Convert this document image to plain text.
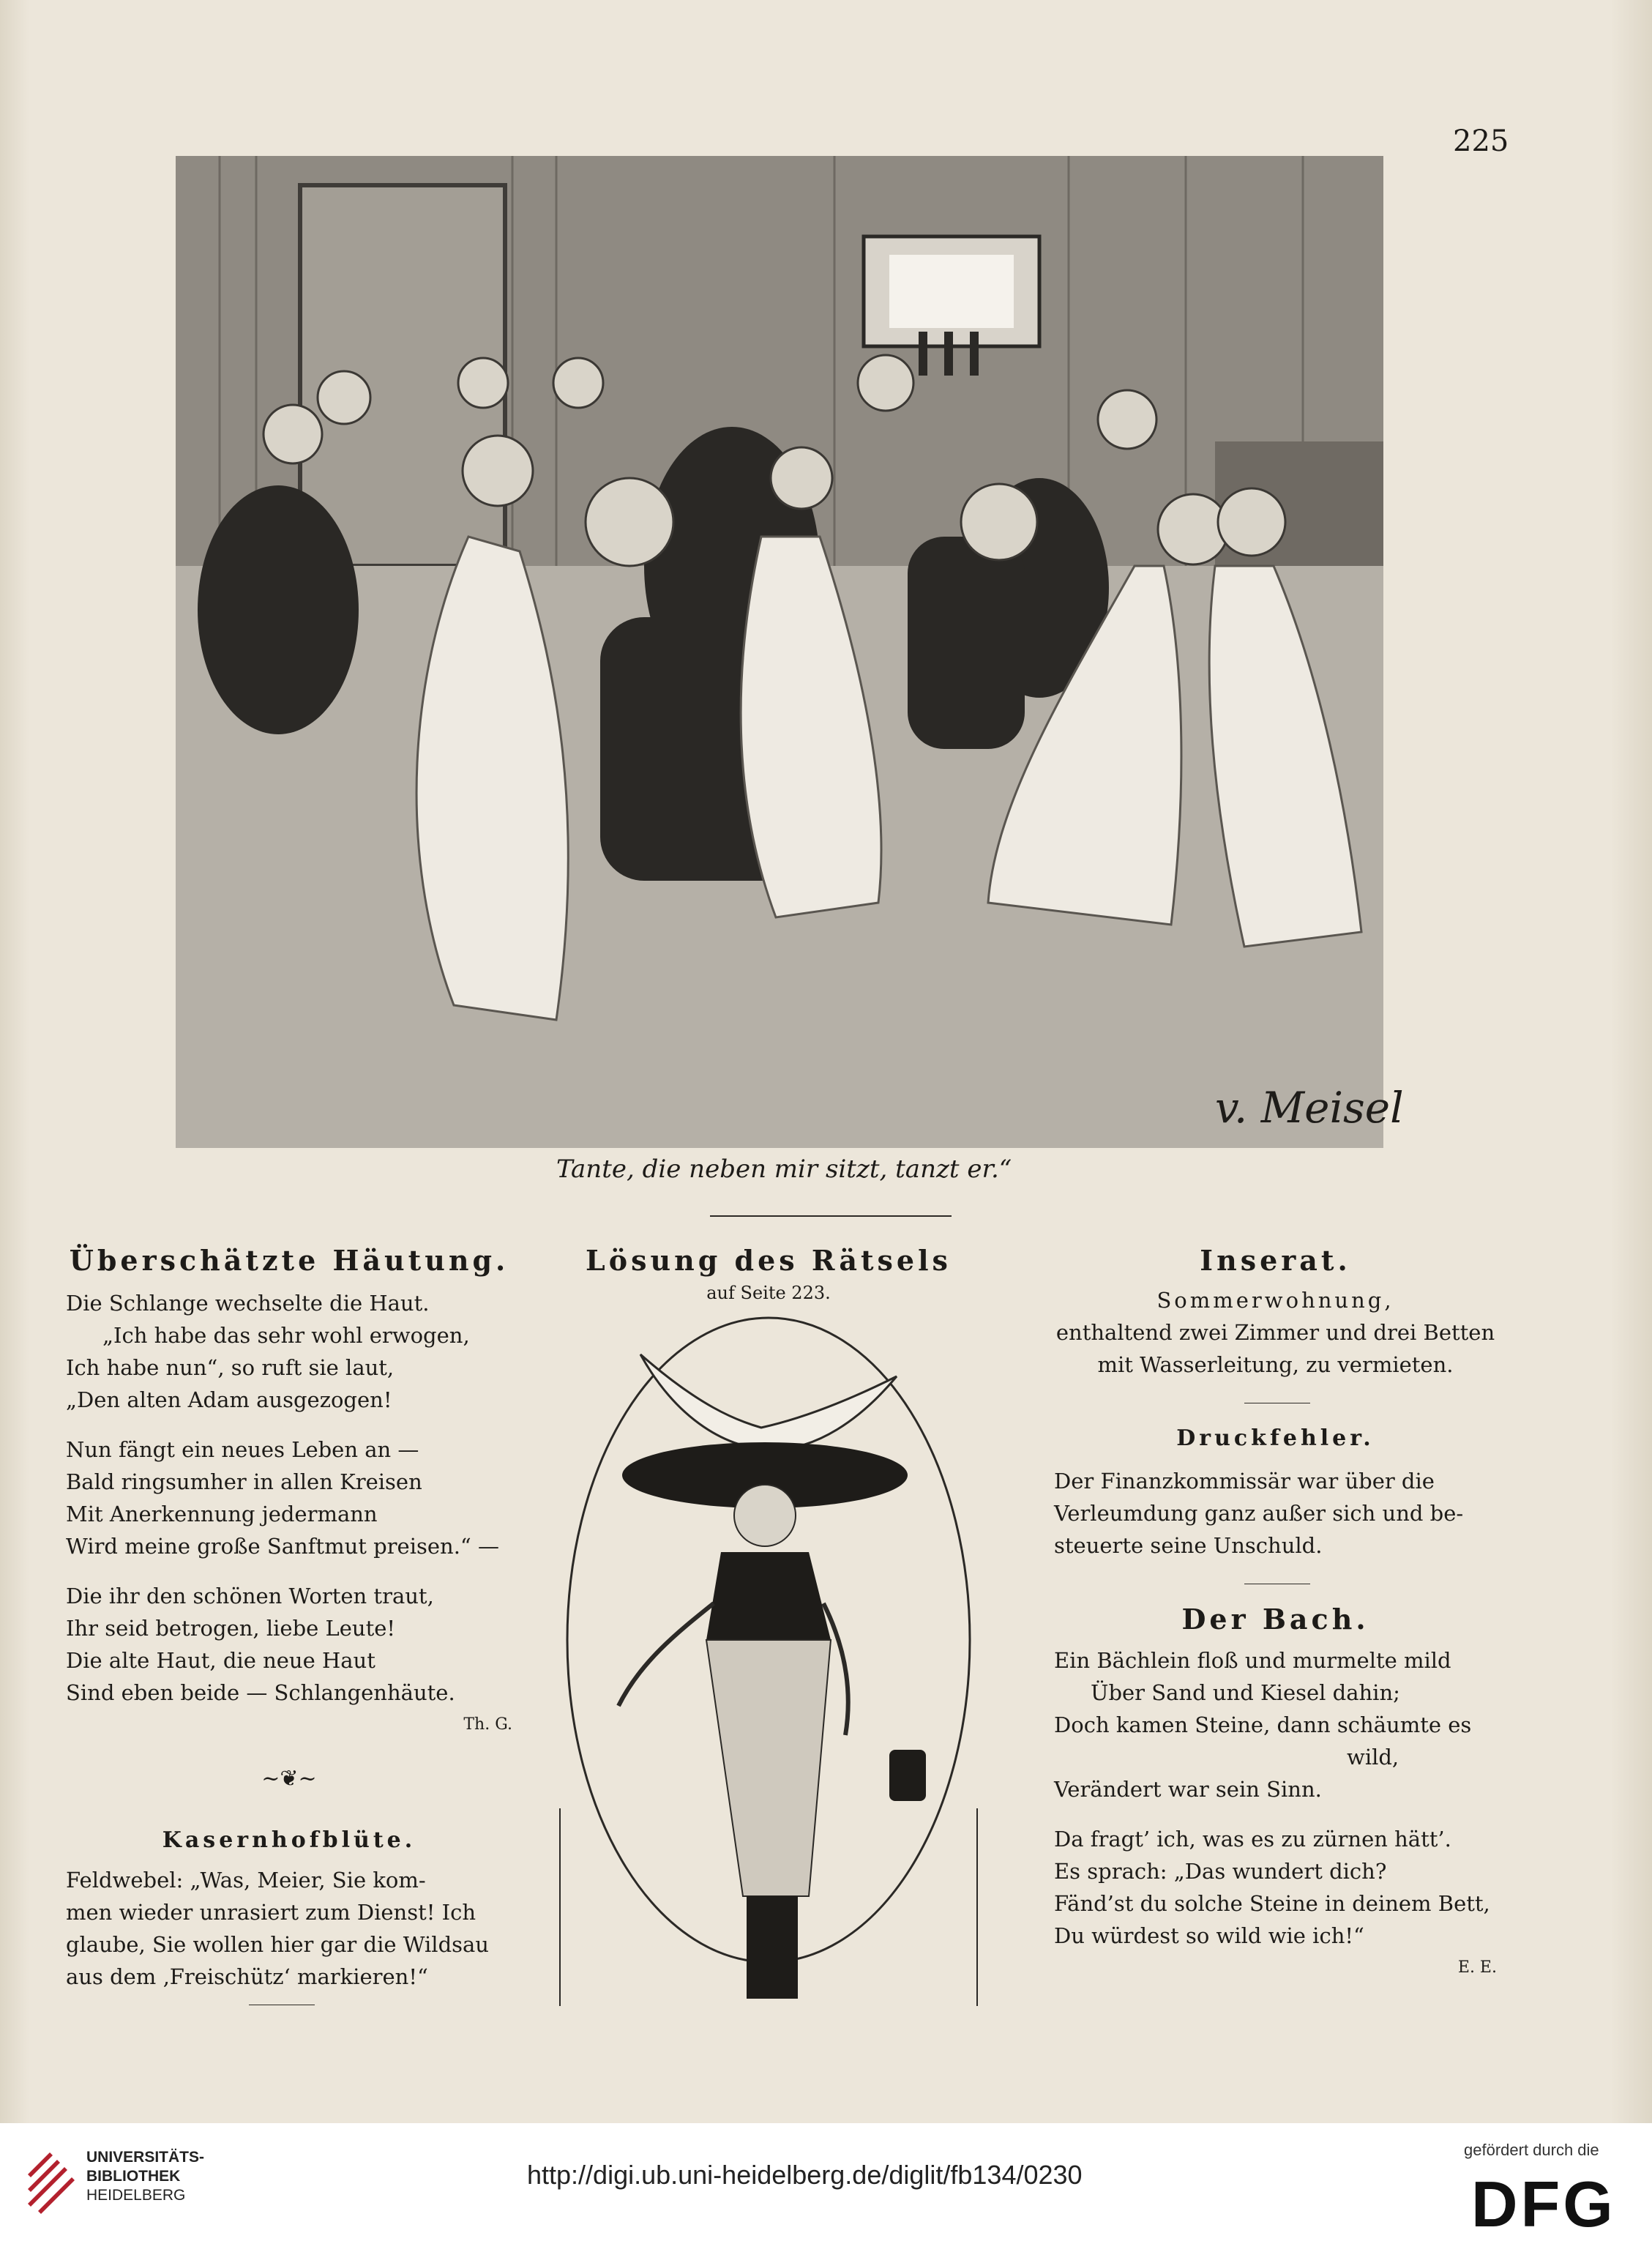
225
v. Meisel
Tante, die neben mir sitzt, tanzt er.“
Überschätzte Häutung.
Die Schlange wechselte die Haut.
„Ich habe das sehr wohl erwogen,
Ich habe nun“, so ruft sie laut,
„Den alten Adam ausgezogen!
Nun fängt ein neues Leben an —
Bald ringsumher in allen Kreisen
Mit Anerkennung jedermann
Wird meine große Sanftmut preisen.“ —
Die ihr den schönen Worten traut,
Ihr seid betrogen, liebe Leute!
Die alte Haut, die neue Haut
Sind eben beide — Schlangenhäute.
Th. G.
~❦~
Kasernhofblüte.
Feldwebel: „Was, Meier, Sie kom-
men wieder unrasiert zum Dienst! Ich
glaube, Sie wollen hier gar die Wildsau
aus dem ‚Freischütz‘ markieren!“
Lösung des Rätsels
auf Seite 223.
Inserat.
Sommerwohnung,
enthaltend zwei Zimmer und drei Betten
mit Wasserleitung, zu vermieten.
Druckfehler.
Der Finanzkommissär war über die
Verleumdung ganz außer sich und be-
steuerte seine Unschuld.
Der Bach.
Ein Bächlein floß und murmelte mild
Über Sand und Kiesel dahin;
Doch kamen Steine, dann schäumte es
wild,
Verändert war sein Sinn.
Da fragt’ ich, was es zu zürnen hätt’.
Es sprach: „Das wundert dich?
Fänd’st du solche Steine in deinem Bett,
Du würdest so wild wie ich!“
E. E.
UNIVERSITÄTS-
BIBLIOTHEK
HEIDELBERG
http://digi.ub.uni-heidelberg.de/diglit/fb134/0230
gefördert durch die
DFG
